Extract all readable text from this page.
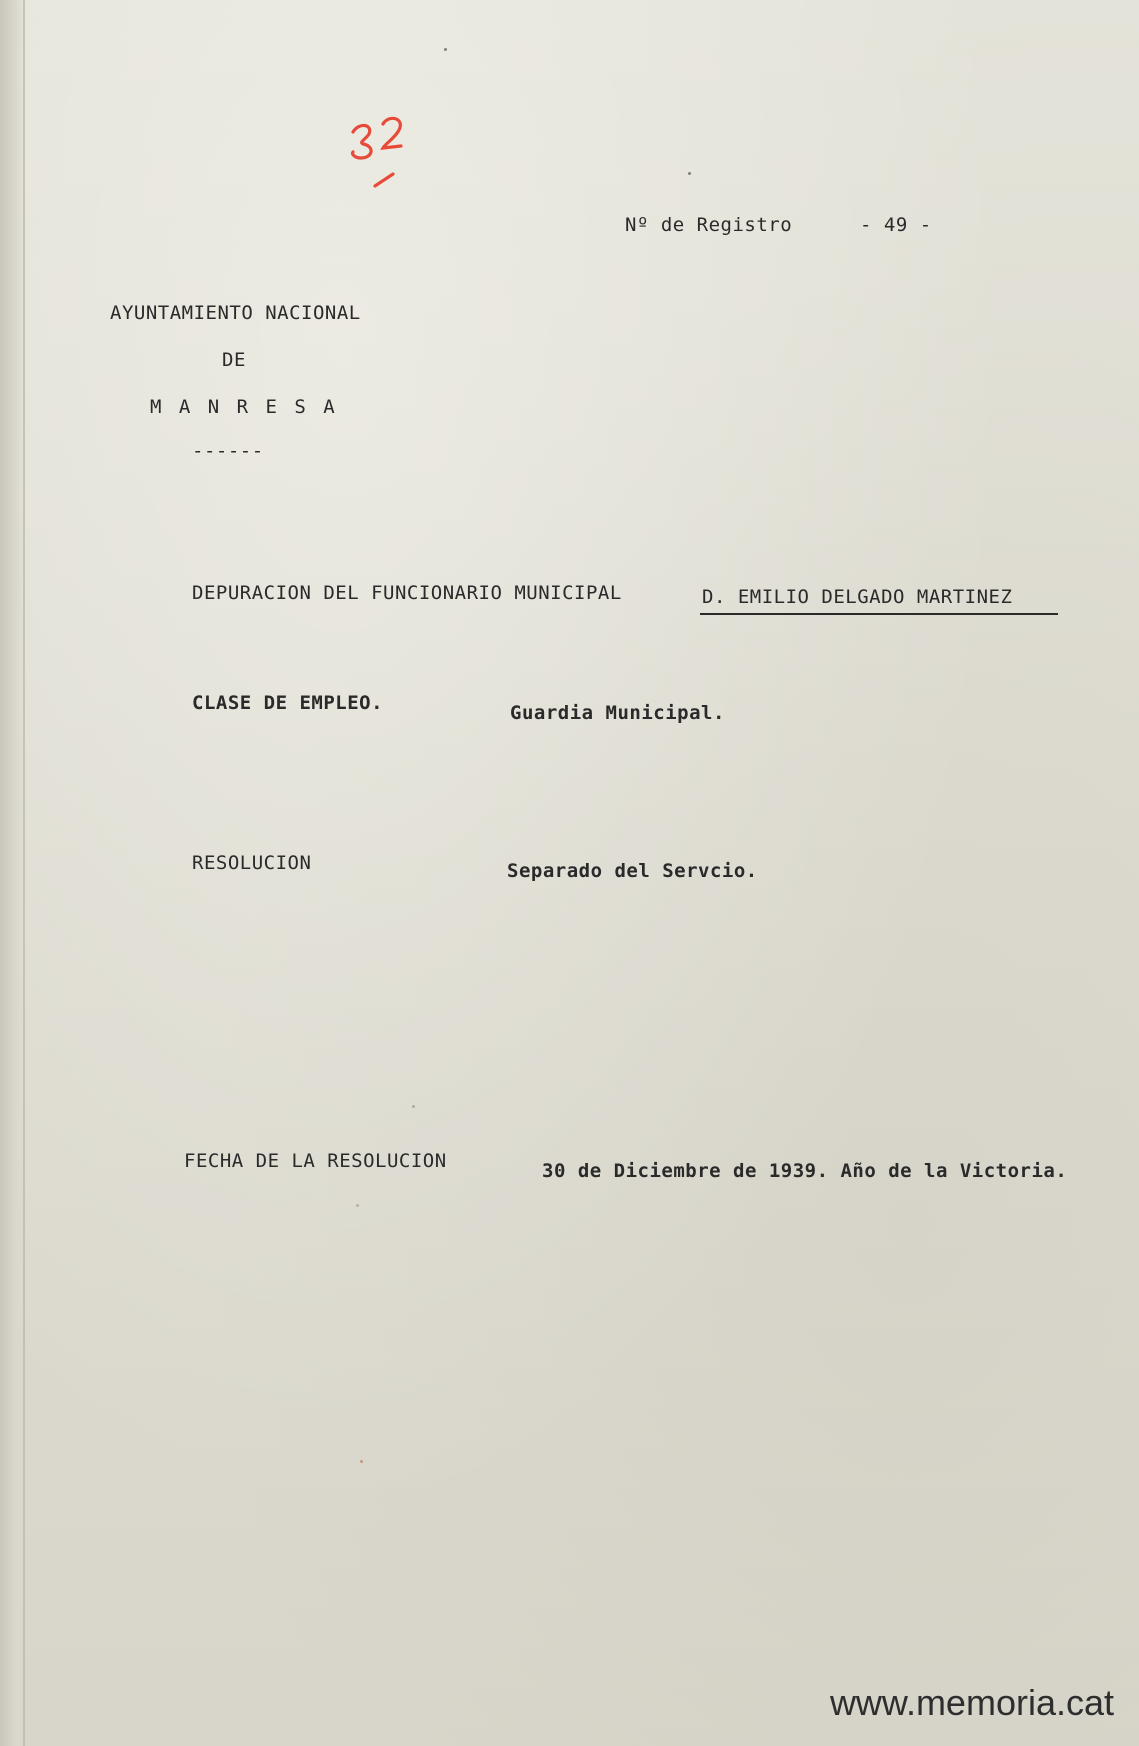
Nº de Registro	- 49 -
AYUNTAMIENTO NACIONAL
DE
M A N R E S A
------
DEPURACION DEL FUNCIONARIO MUNICIPAL	D. EMILIO DELGADO MARTINEZ
CLASE DE EMPLEO.	Guardia Municipal.
RESOLUCION	Separado del Servcio.
FECHA DE LA RESOLUCION	30 de Diciembre de 1939. Año de la Victoria.
www.memoria.cat
